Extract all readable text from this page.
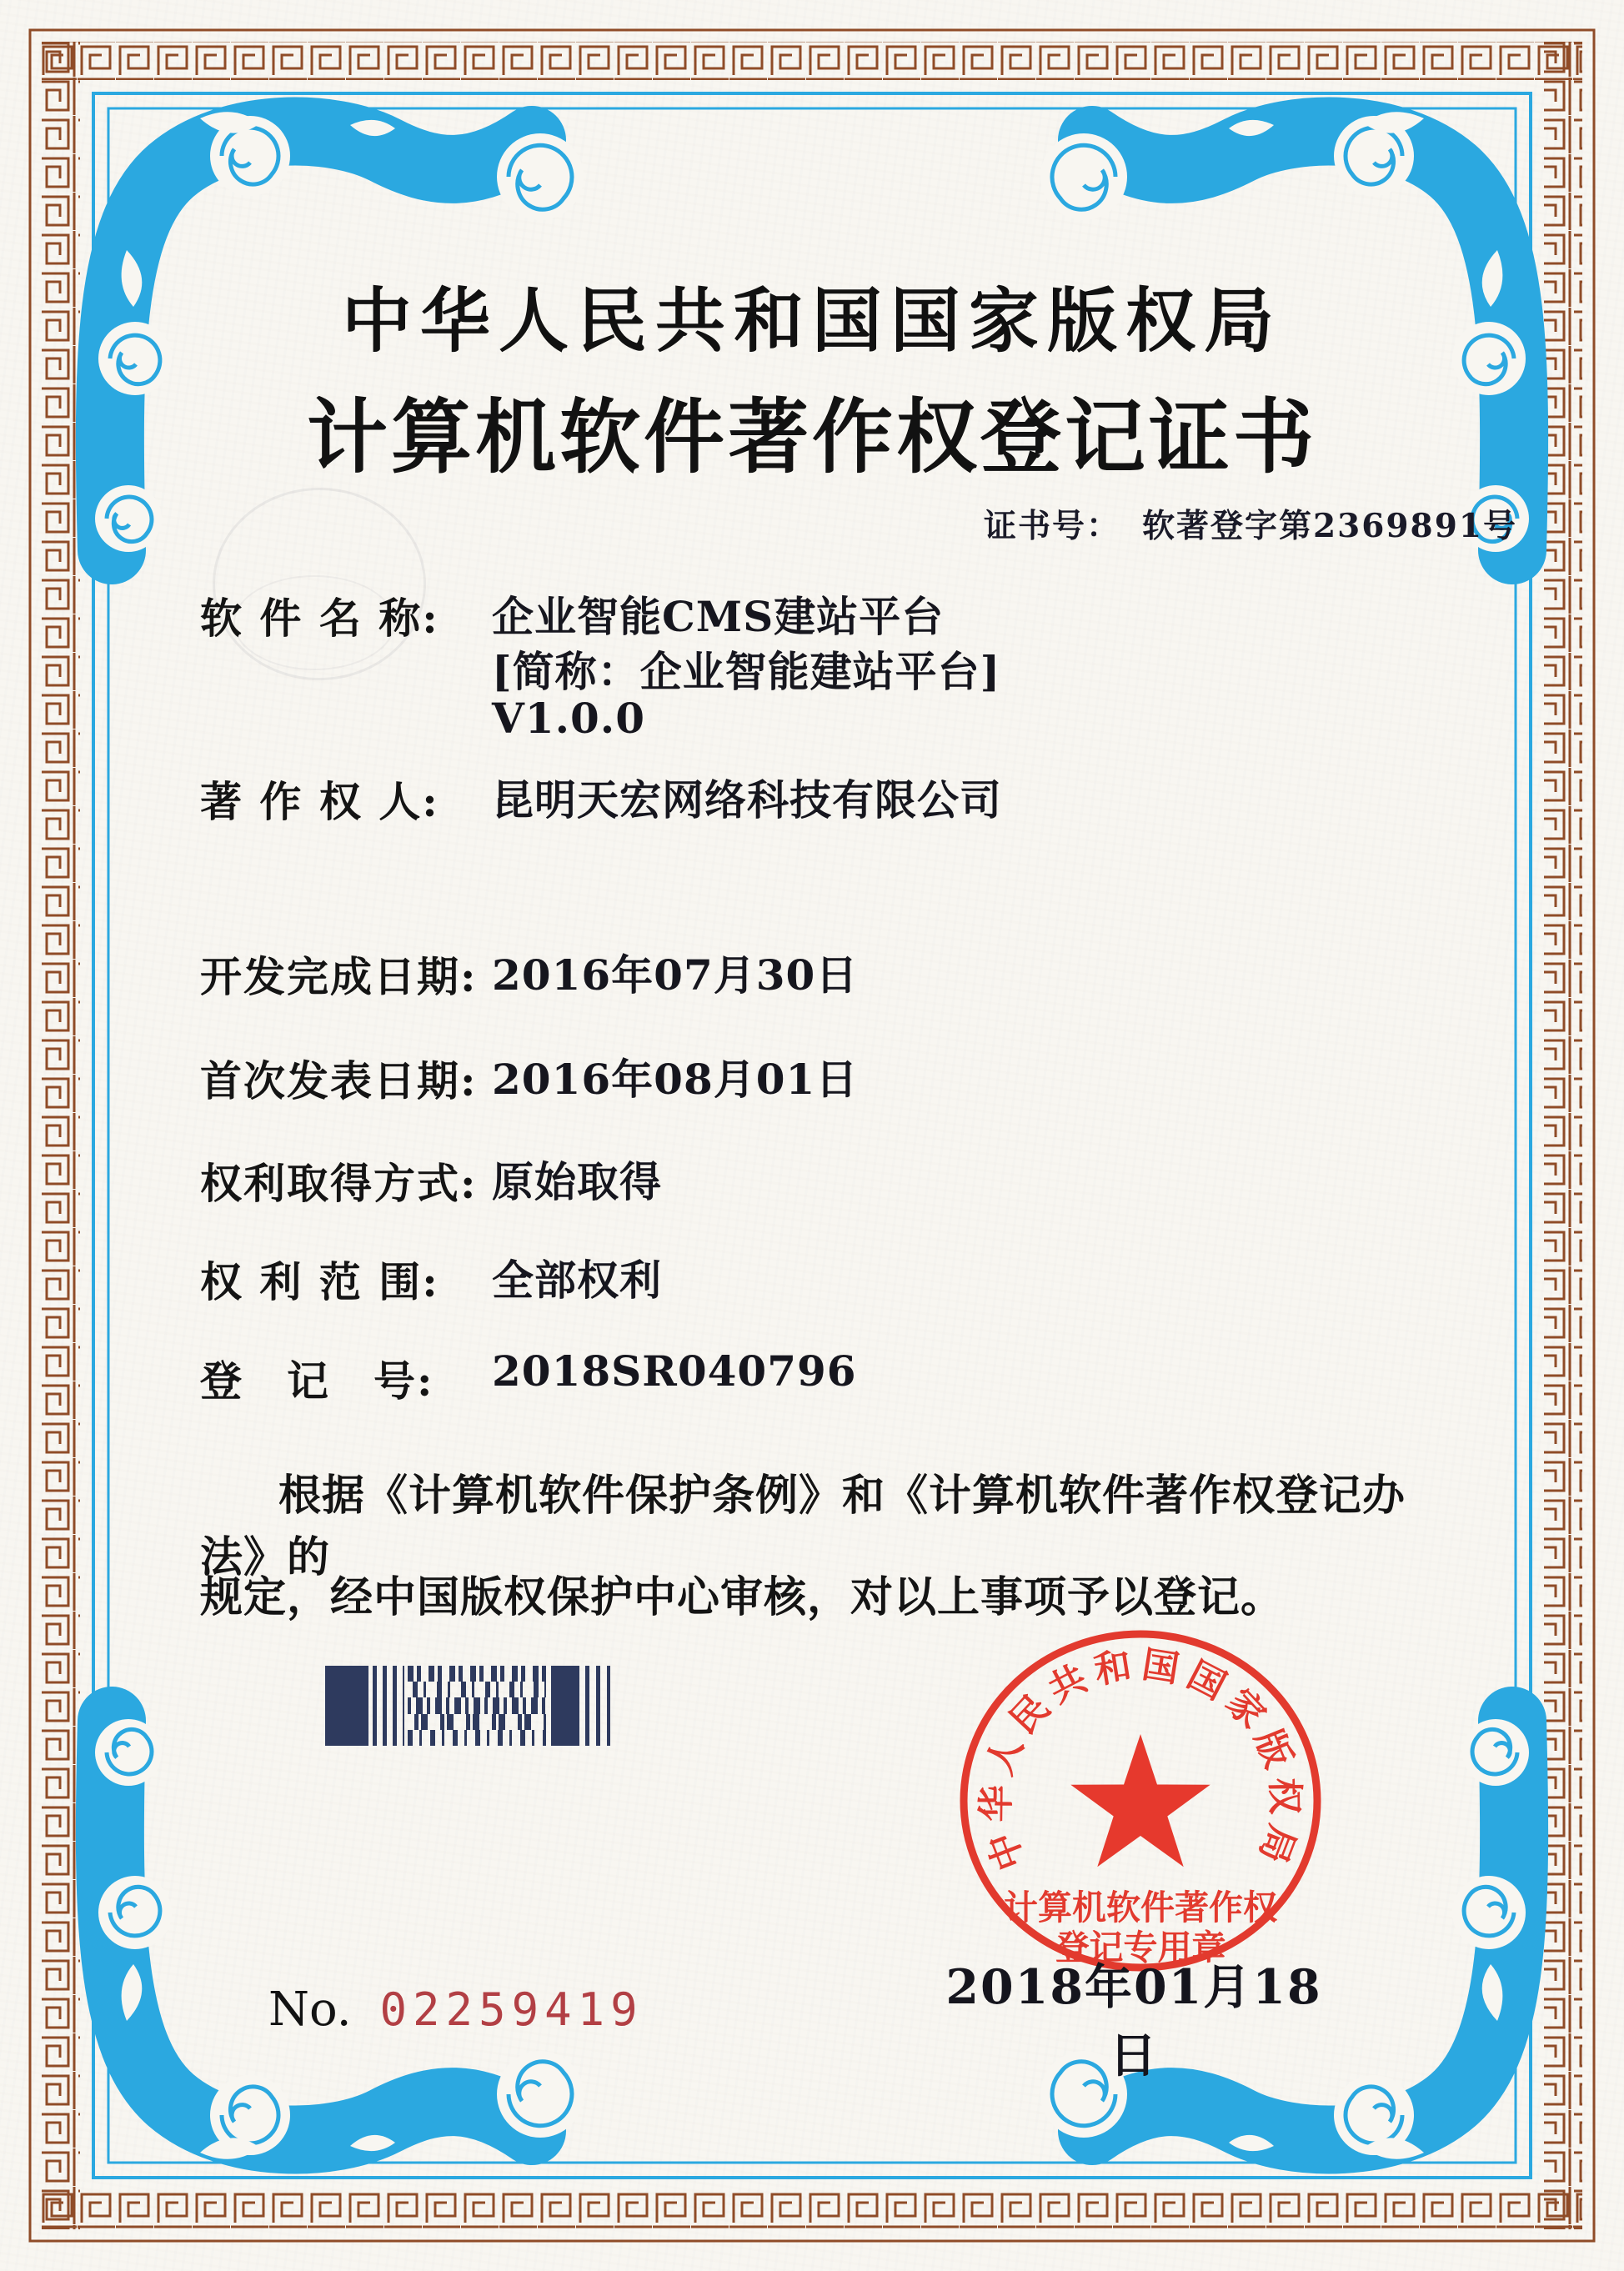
中华人民共和国国家版权局
计算机软件著作权登记证书
证书号： 软著登字第2369891号
软 件 名 称: 企业智能CMS建站平台
[简称：企业智能建站平台]
V1.0.0
著 作 权 人: 昆明天宏网络科技有限公司
开发完成日期: 2016年07月30日
首次发表日期: 2016年08月01日
权利取得方式: 原始取得
权 利 范 围: 全部权利
登　记　号: 2018SR040796
根据《计算机软件保护条例》和《计算机软件著作权登记办法》的
规定，经中国版权保护中心审核，对以上事项予以登记。
中华人民共和国国家版权局
计算机软件著作权
登记专用章
2018年01月18日
No. 02259419
